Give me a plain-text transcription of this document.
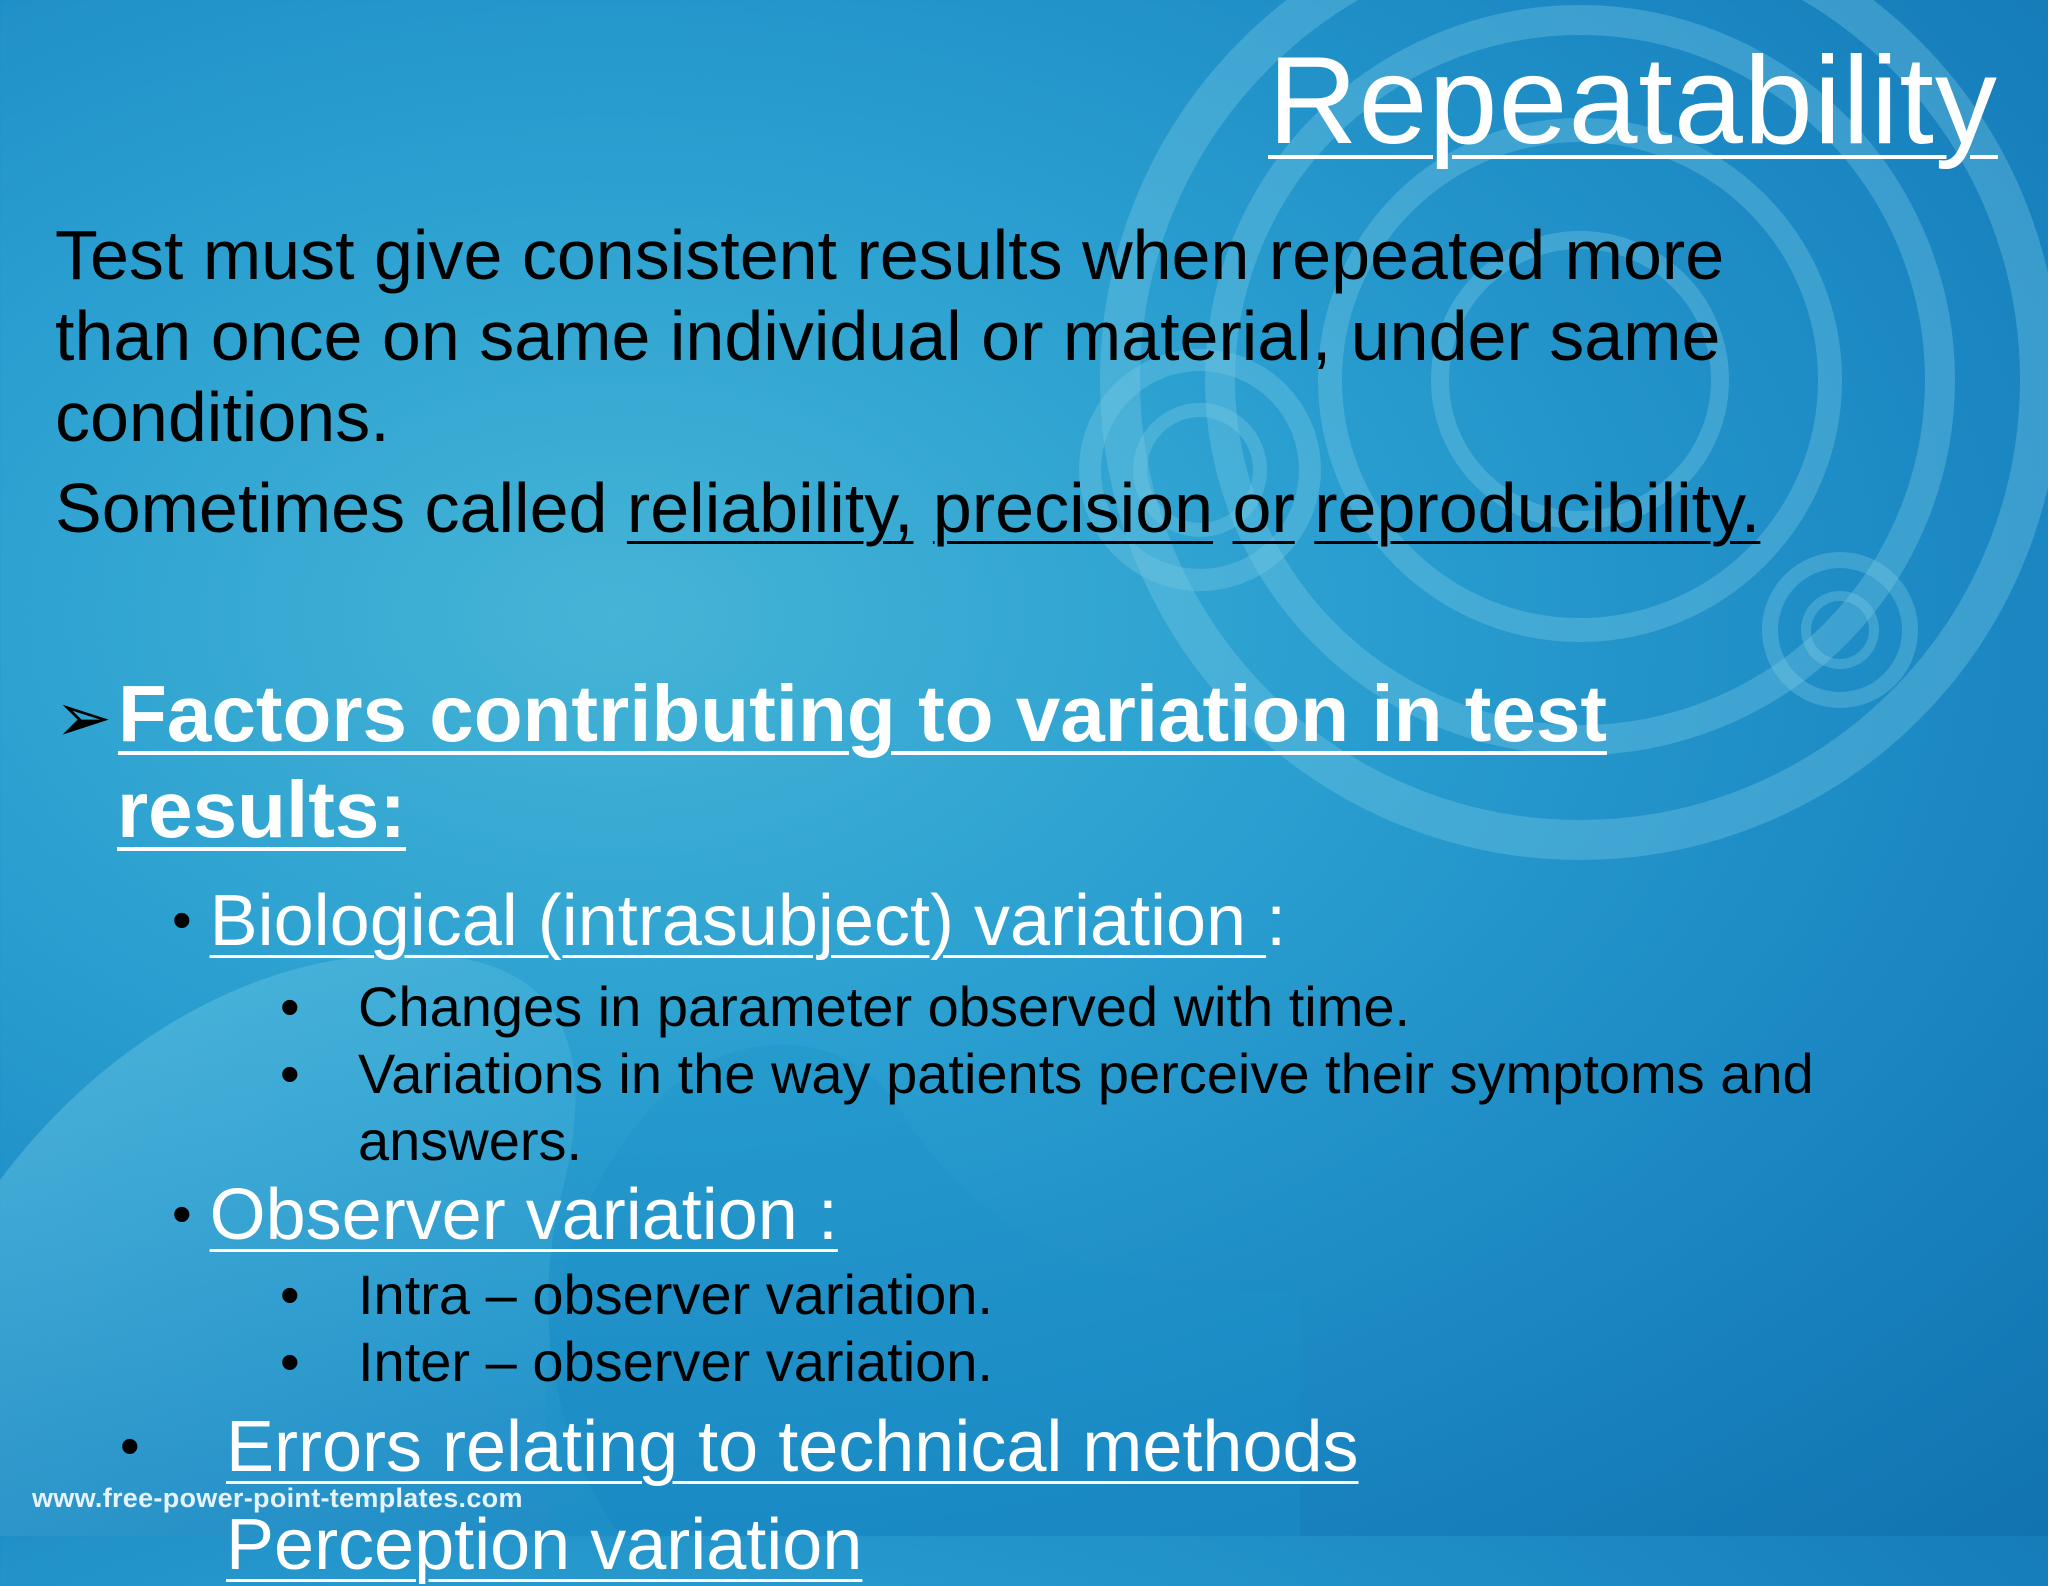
Repeatability
Test must give consistent results when repeated more
than once on same individual or material, under same
conditions.
Sometimes called reliability, precision or reproducibility.
➢Factors contributing to variation in test
results:
• Biological (intrasubject) variation :
• Changes in parameter observed with time.
• Variations in the way patients perceive their symptoms and
answers.
• Observer variation :
• Intra – observer variation.
• Inter – observer variation.
• Errors relating to technical methods
Perception variation
www.free-power-point-templates.com
